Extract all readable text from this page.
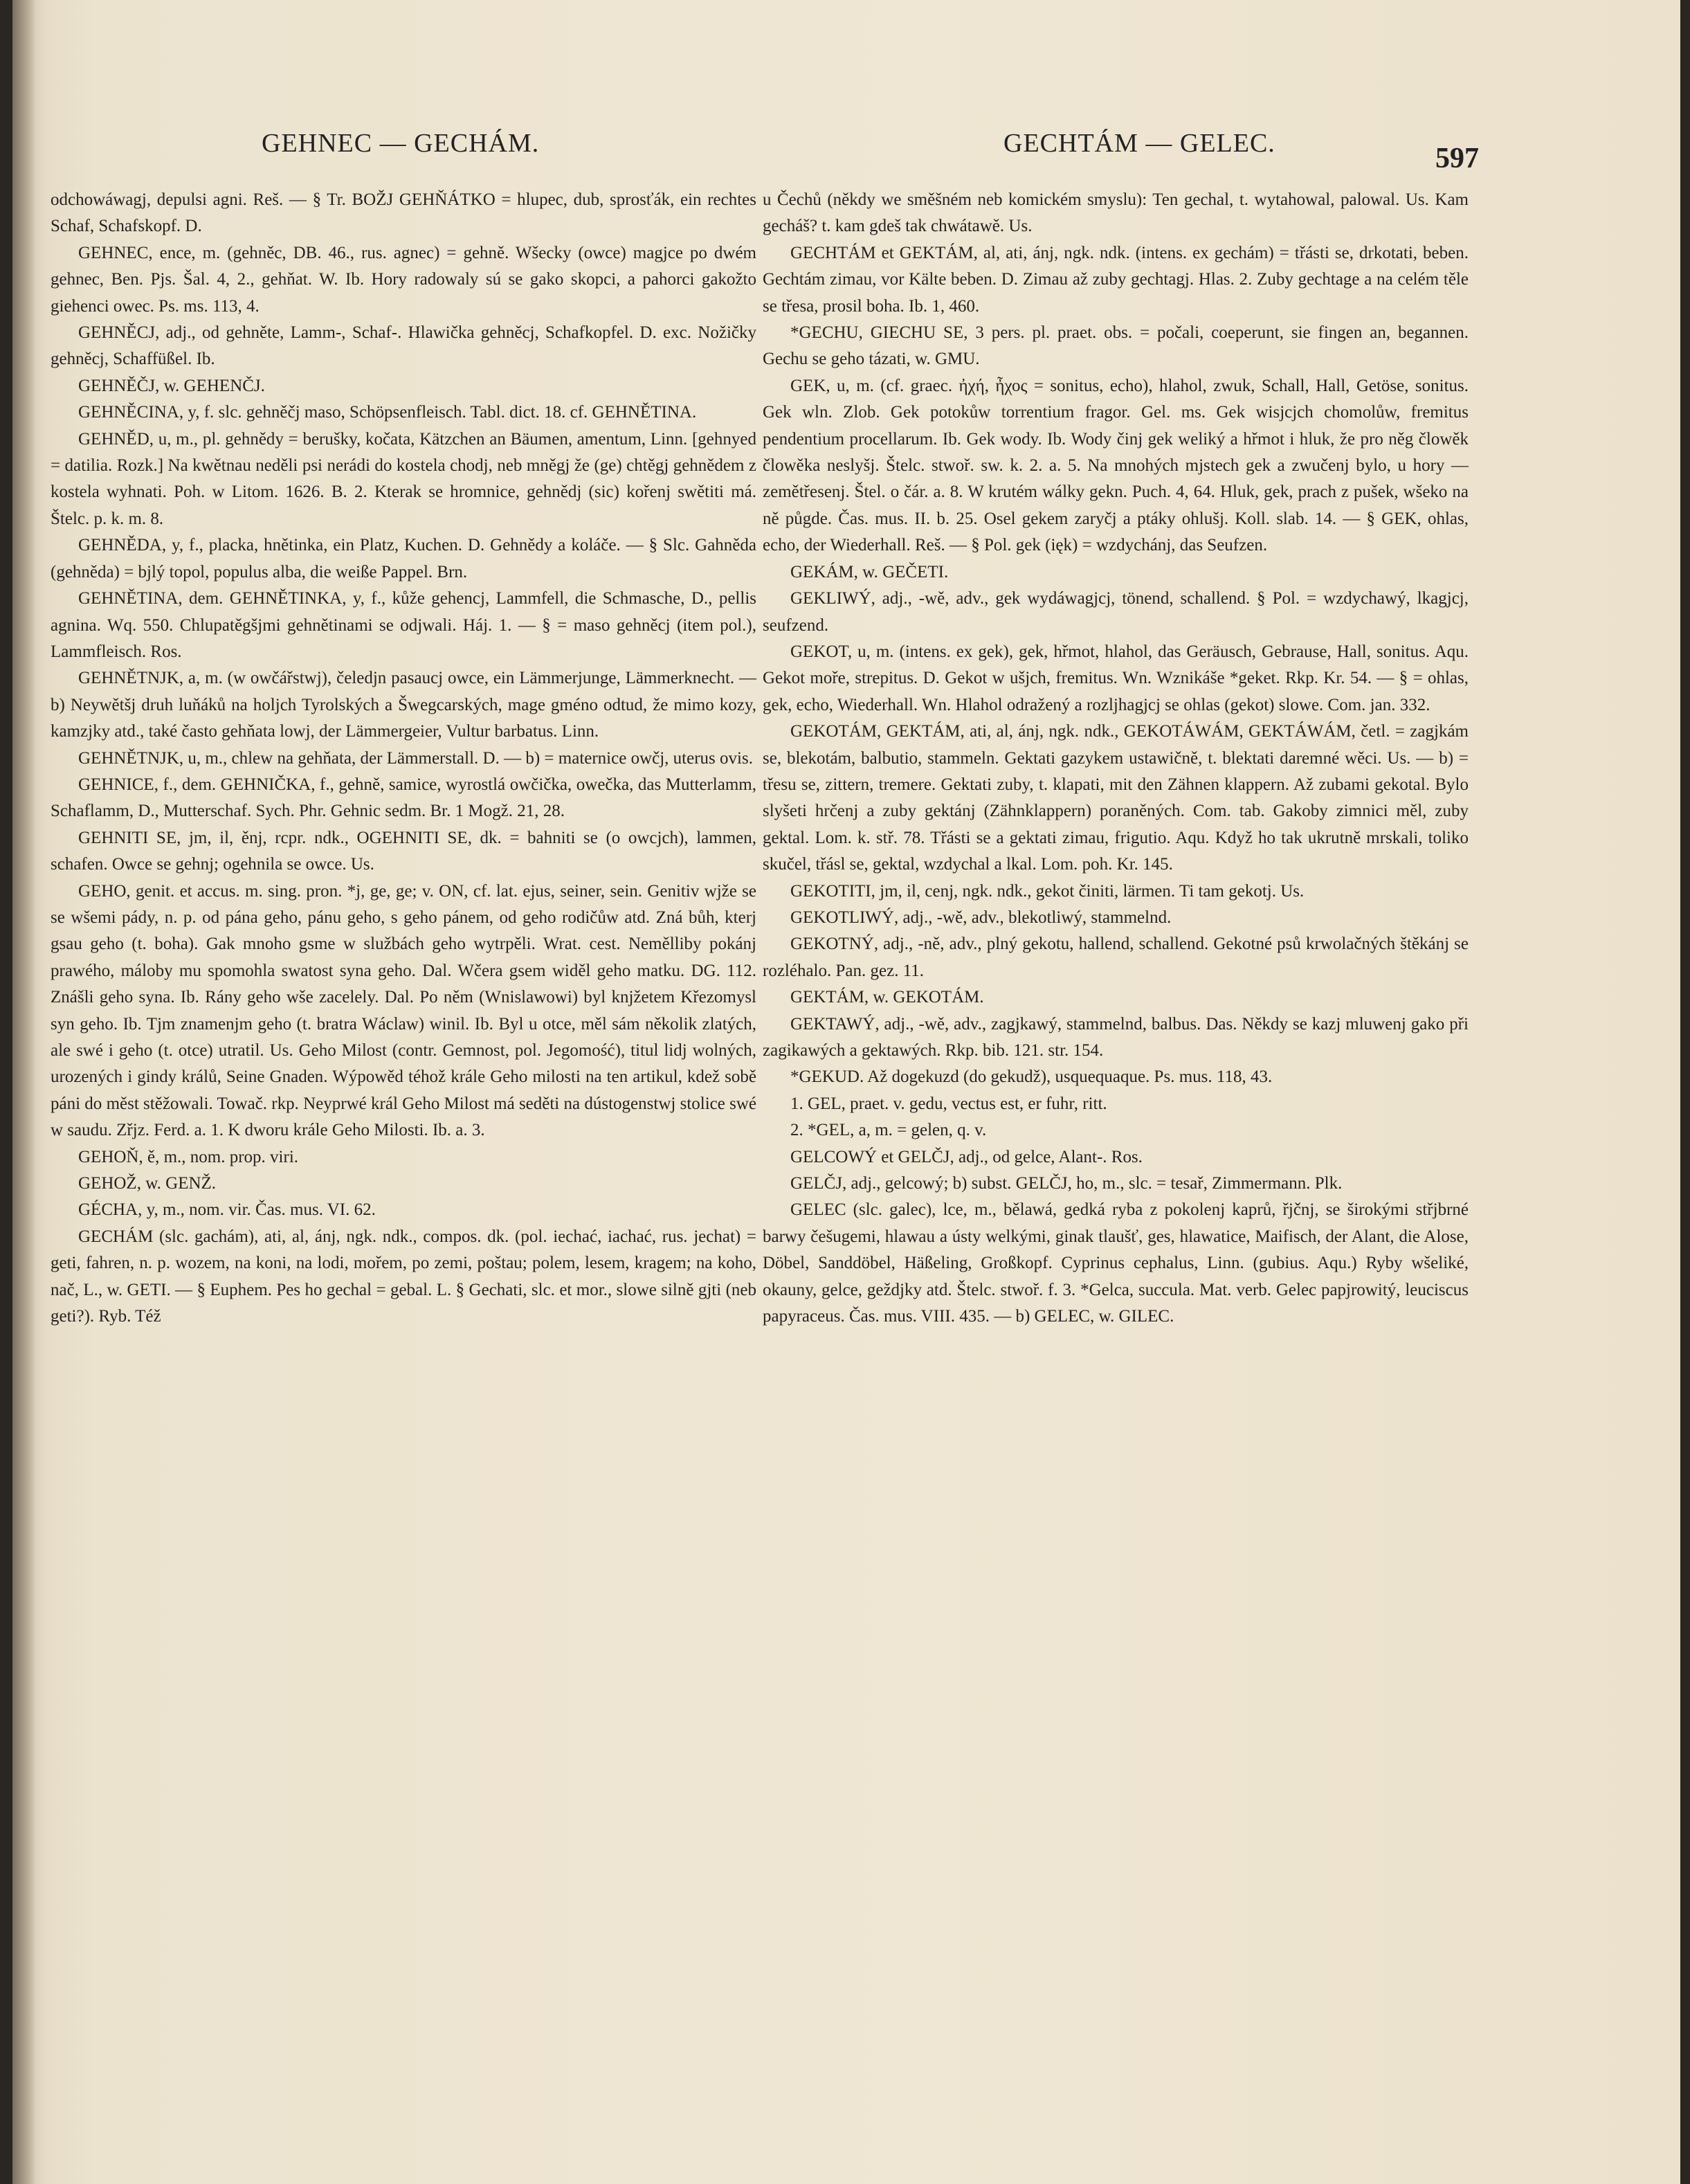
GEHNEC — GECHÁM.	GECHTÁM — GELEC.	597

odchowáwagj, depulsi agni. Reš. — § Tr. BOŽJ GEHŇÁTKO = hlupec, dub, sprosťák, ein rechtes Schaf, Schafskopf. D.

GEHNEC, ence, m. (gehněc, DB. 46., rus. agnec) = gehně. Wšecky (owce) magjce po dwém gehnec, Ben. Pjs. Šal. 4, 2., gehňat. W. Ib. Hory radowaly sú se gako skopci, a pahorci gakožto giehenci owec. Ps. ms. 113, 4.

GEHNĚCJ, adj., od gehněte, Lamm-, Schaf-. Hlawička gehněcj, Schafkopfel. D. exc. Nožičky gehněcj, Schaffüßel. Ib.

GEHNĚČJ, w. GEHENČJ.

GEHNĚCINA, y, f. slc. gehněčj maso, Schöpsenfleisch. Tabl. dict. 18. cf. GEHNĚTINA.

GEHNĚD, u, m., pl. gehnědy = berušky, kočata, Kätzchen an Bäumen, amentum, Linn. [gehnyed = datilia. Rozk.] Na kwětnau neděli psi nerádi do kostela chodj, neb mněgj že (ge) chtěgj gehnědem z kostela wyhnati. Poh. w Litom. 1626. B. 2. Kterak se hromnice, gehnědj (sic) kořenj swětiti má. Štelc. p. k. m. 8.

GEHNĚDA, y, f., placka, hnětinka, ein Platz, Kuchen. D. Gehnědy a koláče. — § Slc. Gahněda (gehněda) = bjlý topol, populus alba, die weiße Pappel. Brn.

GEHNĚTINA, dem. GEHNĚTINKA, y, f., kůže gehencj, Lammfell, die Schmasche, D., pellis agnina. Wq. 550. Chlupatěgšjmi gehnětinami se odjwali. Háj. 1. — § = maso gehněcj (item pol.), Lammfleisch. Ros.

GEHNĚTNJK, a, m. (w owčářstwj), čeledjn pasaucj owce, ein Lämmerjunge, Lämmerknecht. — b) Neywětšj druh luňáků na holjch Tyrolských a Šwegcarských, mage gméno odtud, že mimo kozy, kamzjky atd., také často gehňata lowj, der Lämmergeier, Vultur barbatus. Linn.

GEHNĚTNJK, u, m., chlew na gehňata, der Lämmerstall. D. — b) = maternice owčj, uterus ovis.

GEHNICE, f., dem. GEHNIČKA, f., gehně, samice, wyrostlá owčička, owečka, das Mutterlamm, Schaflamm, D., Mutterschaf. Sych. Phr. Gehnic sedm. Br. 1 Mogž. 21, 28.

GEHNITI SE, jm, il, ěnj, rcpr. ndk., OGEHNITI SE, dk. = bahniti se (o owcjch), lammen, schafen. Owce se gehnj; ogehnila se owce. Us.

GEHO, genit. et accus. m. sing. pron. *j, ge, ge; v. ON, cf. lat. ejus, seiner, sein. Genitiv wjže se se wšemi pády, n. p. od pána geho, pánu geho, s geho pánem, od geho rodičůw atd. Zná bůh, kterj gsau geho (t. boha). Gak mnoho gsme w službách geho wytrpěli. Wrat. cest. Nemělliby pokánj prawého, máloby mu spomohla swatost syna geho. Dal. Wčera gsem widěl geho matku. DG. 112. Znášli geho syna. Ib. Rány geho wše zacelely. Dal. Po něm (Wnislawowi) byl knjžetem Křezomysl syn geho. Ib. Tjm znamenjm geho (t. bratra Wáclaw) winil. Ib. Byl u otce, měl sám několik zlatých, ale swé i geho (t. otce) utratil. Us. Geho Milost (contr. Gemnost, pol. Jegomość), titul lidj wolných, urozených i gindy králů, Seine Gnaden. Wýpowěd téhož krále Geho milosti na ten artikul, kdež sobě páni do měst stěžowali. Towač. rkp. Neyprwé král Geho Milost má seděti na dústogenstwj stolice swé w saudu. Zřjz. Ferd. a. 1. K dworu krále Geho Milosti. Ib. a. 3.

GEHOŇ, ě, m., nom. prop. viri.

GEHOŽ, w. GENŽ.

GÉCHA, y, m., nom. vir. Čas. mus. VI. 62.

GECHÁM (slc. gachám), ati, al, ánj, ngk. ndk., compos. dk. (pol. iechać, iachać, rus. jechat) = geti, fahren, n. p. wozem, na koni, na lodi, mořem, po zemi, poštau; polem, lesem, kragem; na koho, nač, L., w. GETI. — § Euphem. Pes ho gechal = gebal. L. § Gechati, slc. et mor., slowe silně gjti (neb geti?). Ryb. Též

u Čechů (někdy we směšném neb komickém smyslu): Ten gechal, t. wytahowal, palowal. Us. Kam gecháš? t. kam gdeš tak chwátawě. Us.

GECHTÁM et GEKTÁM, al, ati, ánj, ngk. ndk. (intens. ex gechám) = třásti se, drkotati, beben. Gechtám zimau, vor Kälte beben. D. Zimau až zuby gechtagj. Hlas. 2. Zuby gechtage a na celém těle se třesa, prosil boha. Ib. 1, 460.

*GECHU, GIECHU SE, 3 pers. pl. praet. obs. = počali, coeperunt, sie fingen an, begannen. Gechu se geho tázati, w. GMU.

GEK, u, m. (cf. graec. ἠχή, ἦχος = sonitus, echo), hlahol, zwuk, Schall, Hall, Getöse, sonitus. Gek wln. Zlob. Gek potokůw torrentium fragor. Gel. ms. Gek wisjcjch chomolůw, fremitus pendentium procellarum. Ib. Gek wody. Ib. Wody činj gek weliký a hřmot i hluk, že pro něg člowěk člowěka neslyšj. Štelc. stwoř. sw. k. 2. a. 5. Na mnohých mjstech gek a zwučenj bylo, u hory — zemětřesenj. Štel. o čár. a. 8. W krutém wálky gekn. Puch. 4, 64. Hluk, gek, prach z pušek, wšeko na ně půgde. Čas. mus. II. b. 25. Osel gekem zaryčj a ptáky ohlušj. Koll. slab. 14. — § GEK, ohlas, echo, der Wiederhall. Reš. — § Pol. gek (ięk) = wzdychánj, das Seufzen.

GEKÁM, w. GEČETI.

GEKLIWÝ, adj., -wě, adv., gek wydáwagjcj, tönend, schallend. § Pol. = wzdychawý, lkagjcj, seufzend.

GEKOT, u, m. (intens. ex gek), gek, hřmot, hlahol, das Geräusch, Gebrause, Hall, sonitus. Aqu. Gekot moře, strepitus. D. Gekot w ušjch, fremitus. Wn. Wznikáše *geket. Rkp. Kr. 54. — § = ohlas, gek, echo, Wiederhall. Wn. Hlahol odražený a rozljhagjcj se ohlas (gekot) slowe. Com. jan. 332.

GEKOTÁM, GEKTÁM, ati, al, ánj, ngk. ndk., GEKOTÁWÁM, GEKTÁWÁM, četl. = zagjkám se, blekotám, balbutio, stammeln. Gektati gazykem ustawičně, t. blektati daremné wěci. Us. — b) = třesu se, zittern, tremere. Gektati zuby, t. klapati, mit den Zähnen klappern. Až zubami gekotal. Bylo slyšeti hrčenj a zuby gektánj (Zähnklappern) poraněných. Com. tab. Gakoby zimnici měl, zuby gektal. Lom. k. stř. 78. Třásti se a gektati zimau, frigutio. Aqu. Když ho tak ukrutně mrskali, toliko skučel, třásl se, gektal, wzdychal a lkal. Lom. poh. Kr. 145.

GEKOTITI, jm, il, cenj, ngk. ndk., gekot činiti, lärmen. Ti tam gekotj. Us.

GEKOTLIWÝ, adj., -wě, adv., blekotliwý, stammelnd.

GEKOTNÝ, adj., -ně, adv., plný gekotu, hallend, schallend. Gekotné psů krwolačných štěkánj se rozléhalo. Pan. gez. 11.

GEKTÁM, w. GEKOTÁM.

GEKTAWÝ, adj., -wě, adv., zagjkawý, stammelnd, balbus. Das. Někdy se kazj mluwenj gako při zagikawých a gektawých. Rkp. bib. 121. str. 154.

*GEKUD. Až dogekuzd (do gekudž), usquequaque. Ps. mus. 118, 43.

1. GEL, praet. v. gedu, vectus est, er fuhr, ritt.

2. *GEL, a, m. = gelen, q. v.

GELCOWÝ et GELČJ, adj., od gelce, Alant-. Ros.

GELČJ, adj., gelcowý; b) subst. GELČJ, ho, m., slc. = tesař, Zimmermann. Plk.

GELEC (slc. galec), lce, m., bělawá, gedká ryba z pokolenj kaprů, řjčnj, se širokými střjbrné barwy češugemi, hlawau a ústy welkými, ginak tlaušť, ges, hlawatice, Maifisch, der Alant, die Alose, Döbel, Sanddöbel, Häßeling, Großkopf. Cyprinus cephalus, Linn. (gubius. Aqu.) Ryby wšeliké, okauny, gelce, geždjky atd. Štelc. stwoř. f. 3. *Gelca, succula. Mat. verb. Gelec papjrowitý, leuciscus papyraceus. Čas. mus. VIII. 435. — b) GELEC, w. GILEC.
